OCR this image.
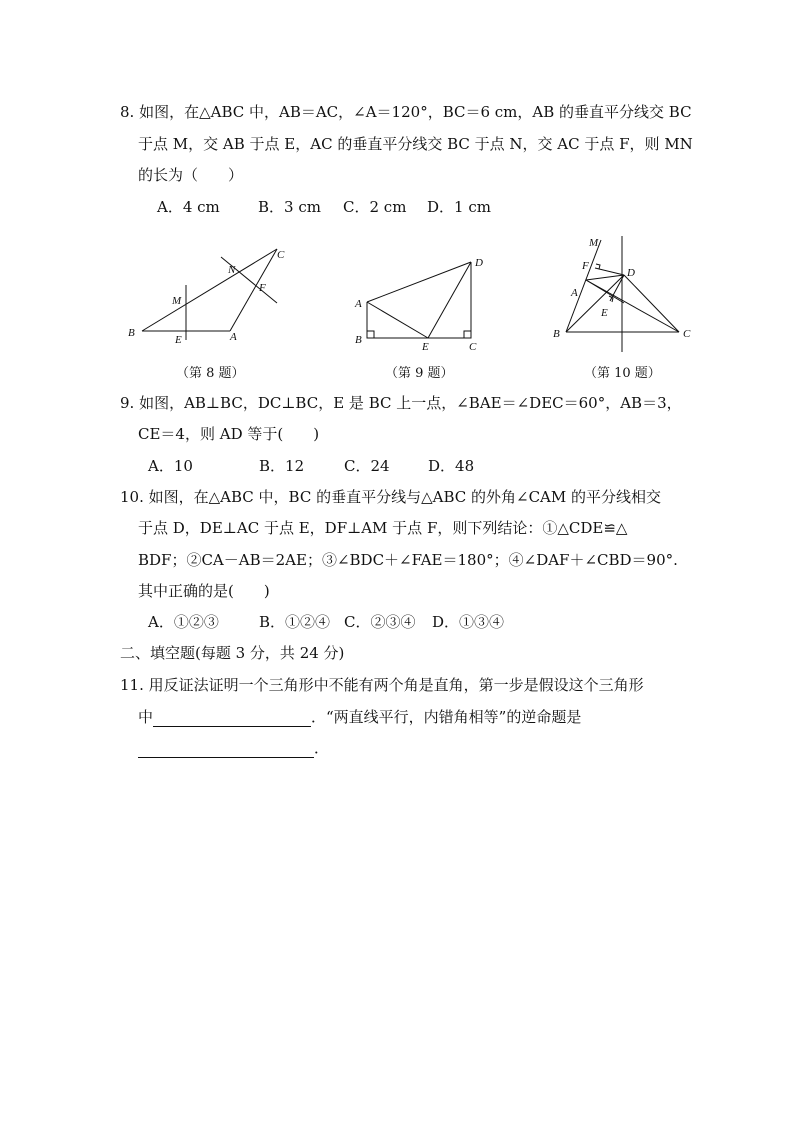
8. 如图，在△ABC 中，AB＝AC，∠A＝120°，BC＝6 cm，AB 的垂直平分线交 BC
于点 M，交 AB 于点 E，AC 的垂直平分线交 BC 于点 N，交 AC 于点 F，则 MN
的长为（　　）
A．4 cm	B．3 cm C．2 cm D．1 cm
B
E	A
M
N
F
C
（第 8 题）
A
B
E	C
D
（第 9 题）
M
F
D
A
E
B	C
（第 10 题）
9. 如图，AB⊥BC，DC⊥BC，E 是 BC 上一点，∠BAE＝∠DEC＝60°，AB＝3，
CE＝4，则 AD 等于(　　)
A．10	B．12	C．24	D．48
10. 如图，在△ABC 中，BC 的垂直平分线与△ABC 的外角∠CAM 的平分线相交
于点 D，DE⊥AC 于点 E，DF⊥AM 于点 F，则下列结论：①△CDE≌△
BDF；②CA－AB＝2AE；③∠BDC＋∠FAE＝180°；④∠DAF＋∠CBD＝90°.
其中正确的是(　　)
A．①②③	B．①②④ C．②③④ D．①③④
二、填空题(每题 3 分，共 24 分)
11. 用反证法证明一个三角形中不能有两个角是直角，第一步是假设这个三角形
中	．“两直线平行，内错角相等”的逆命题是
．
